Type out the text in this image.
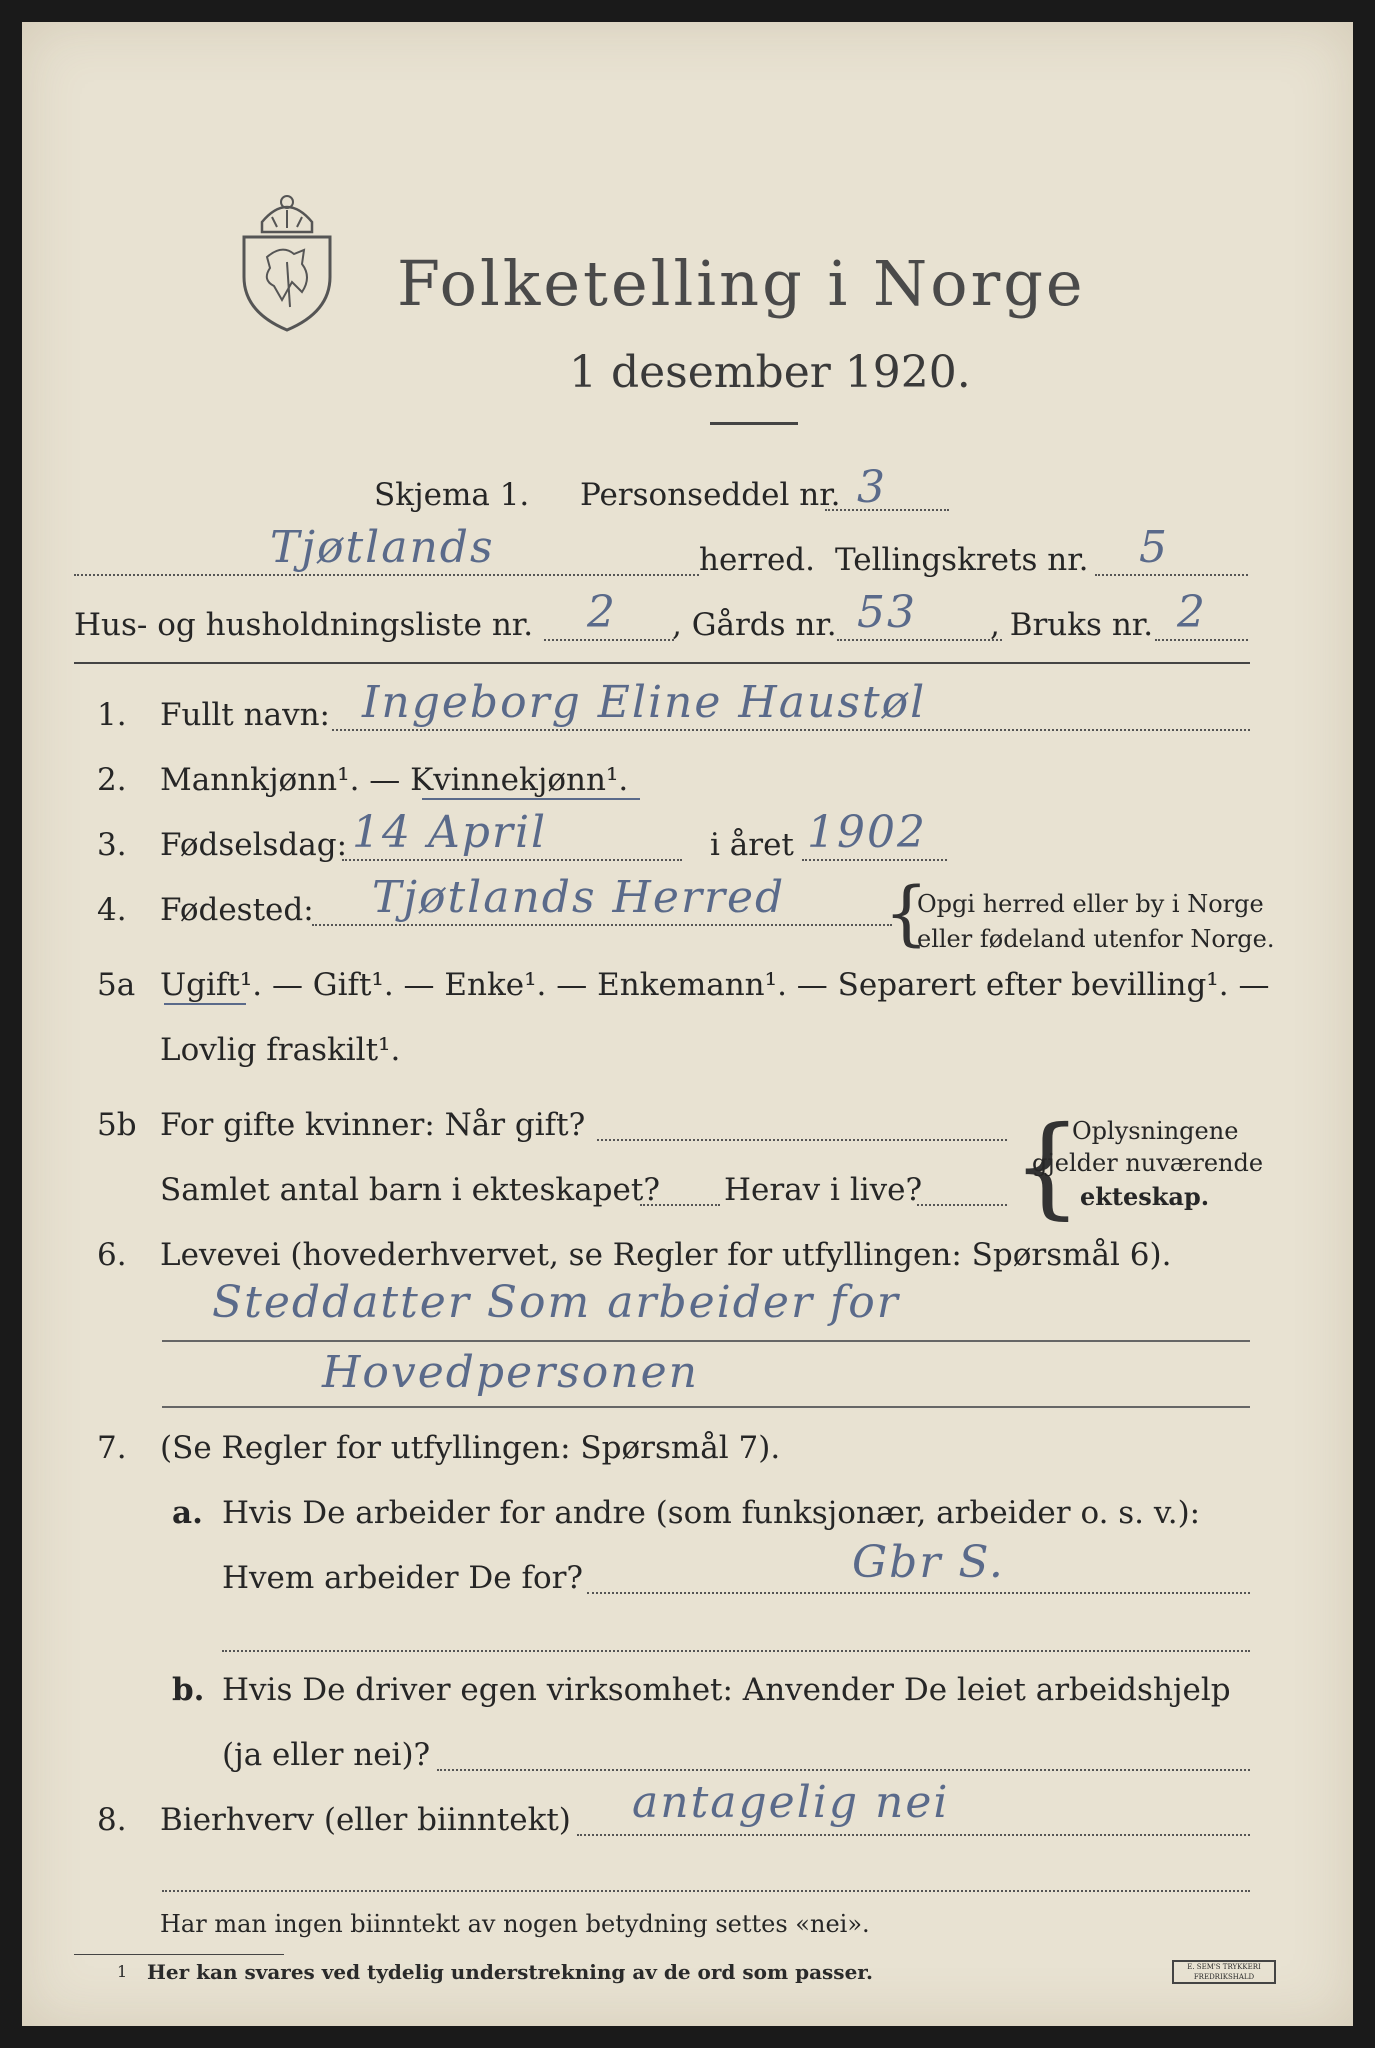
Folketelling i Norge
1 desember 1920.
Skjema 1. Personseddel nr. 3
Tjøtlands	herred. Tellingskrets nr. 5
Hus- og husholdningsliste nr. 2 , Gårds nr. 53 , Bruks nr. 2
1. Fullt navn: Ingeborg Eline Haustøl
2. Mannkjønn¹. — Kvinnekjønn¹.
3. Fødselsdag: 14 April	i året 1902
4. Fødested: Tjøtlands Herred {
Opgi herred eller by i Norge
eller fødeland utenfor Norge.
5a Ugift¹. — Gift¹. — Enke¹. — Enkemann¹. — Separert efter bevilling¹. —
Lovlig fraskilt¹.
5b For gifte kvinner: Når gift?
Samlet antal barn i ekteskapet? Herav i live? {
Oplysningene
gjelder nuværende
ekteskap.
6. Levevei (hovederhvervet, se Regler for utfyllingen: Spørsmål 6).
Steddatter Som arbeider for
Hovedpersonen
7. (Se Regler for utfyllingen: Spørsmål 7).
a. Hvis De arbeider for andre (som funksjonær, arbeider o. s. v.):
Hvem arbeider De for?	Gbr S.
b. Hvis De driver egen virksomhet: Anvender De leiet arbeidshjelp
(ja eller nei)?
8. Bierhverv (eller biinntekt) antagelig nei
Har man ingen biinntekt av nogen betydning settes «nei».
1 Her kan svares ved tydelig understrekning av de ord som passer.	E. SEM'S TRYKKERI FREDRIKSHALD
